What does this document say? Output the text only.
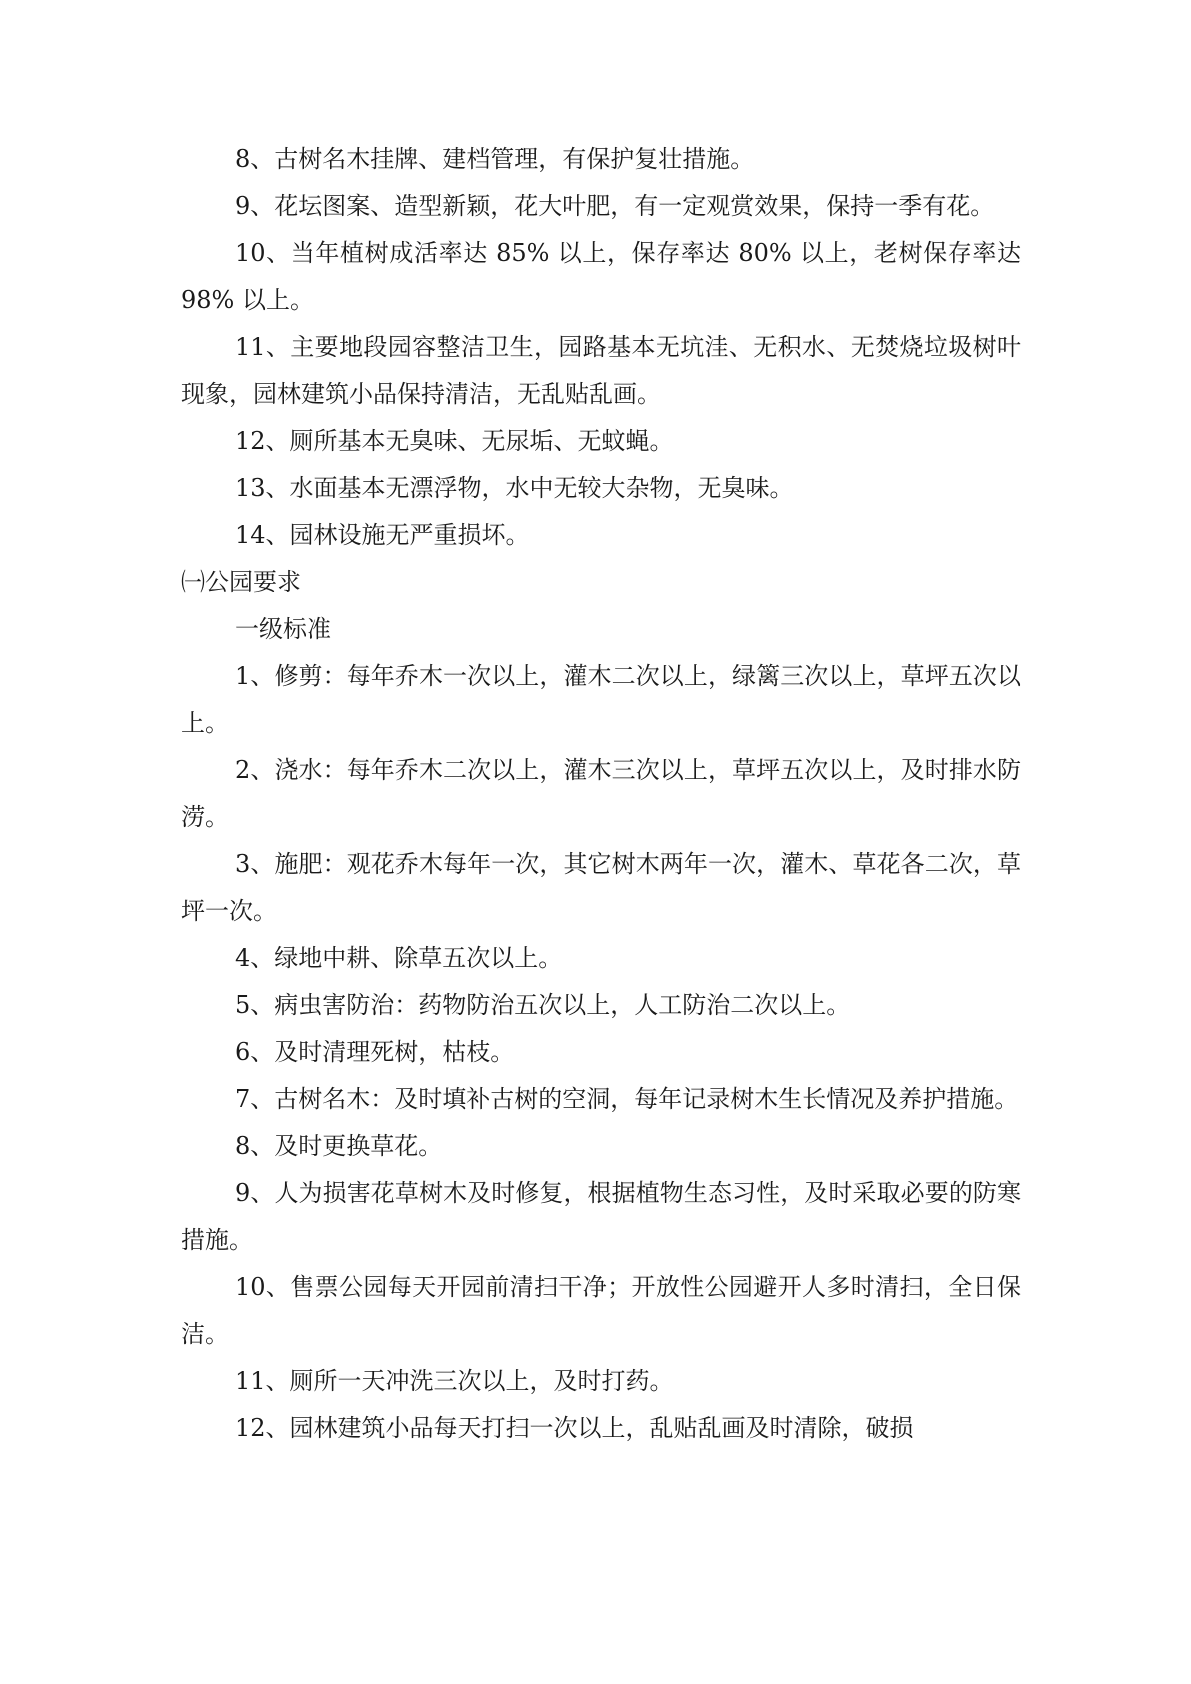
8、古树名木挂牌、建档管理，有保护复壮措施。

9、花坛图案、造型新颖，花大叶肥，有一定观赏效果，保持一季有花。

10、当年植树成活率达 85% 以上，保存率达 80% 以上，老树保存率达 98% 以上。

11、主要地段园容整洁卫生，园路基本无坑洼、无积水、无焚烧垃圾树叶现象，园林建筑小品保持清洁，无乱贴乱画。

12、厕所基本无臭味、无尿垢、无蚊蝇。

13、水面基本无漂浮物，水中无较大杂物，无臭味。

14、园林设施无严重损坏。

㈠公园要求

一级标准

1、修剪：每年乔木一次以上，灌木二次以上，绿篱三次以上，草坪五次以上。

2、浇水：每年乔木二次以上，灌木三次以上，草坪五次以上，及时排水防涝。

3、施肥：观花乔木每年一次，其它树木两年一次，灌木、草花各二次，草坪一次。

4、绿地中耕、除草五次以上。

5、病虫害防治：药物防治五次以上，人工防治二次以上。

6、及时清理死树，枯枝。

7、古树名木：及时填补古树的空洞，每年记录树木生长情况及养护措施。

8、及时更换草花。

9、人为损害花草树木及时修复，根据植物生态习性，及时采取必要的防寒措施。

10、售票公园每天开园前清扫干净；开放性公园避开人多时清扫，全日保洁。

11、厕所一天冲洗三次以上，及时打药。

12、园林建筑小品每天打扫一次以上，乱贴乱画及时清除，破损
